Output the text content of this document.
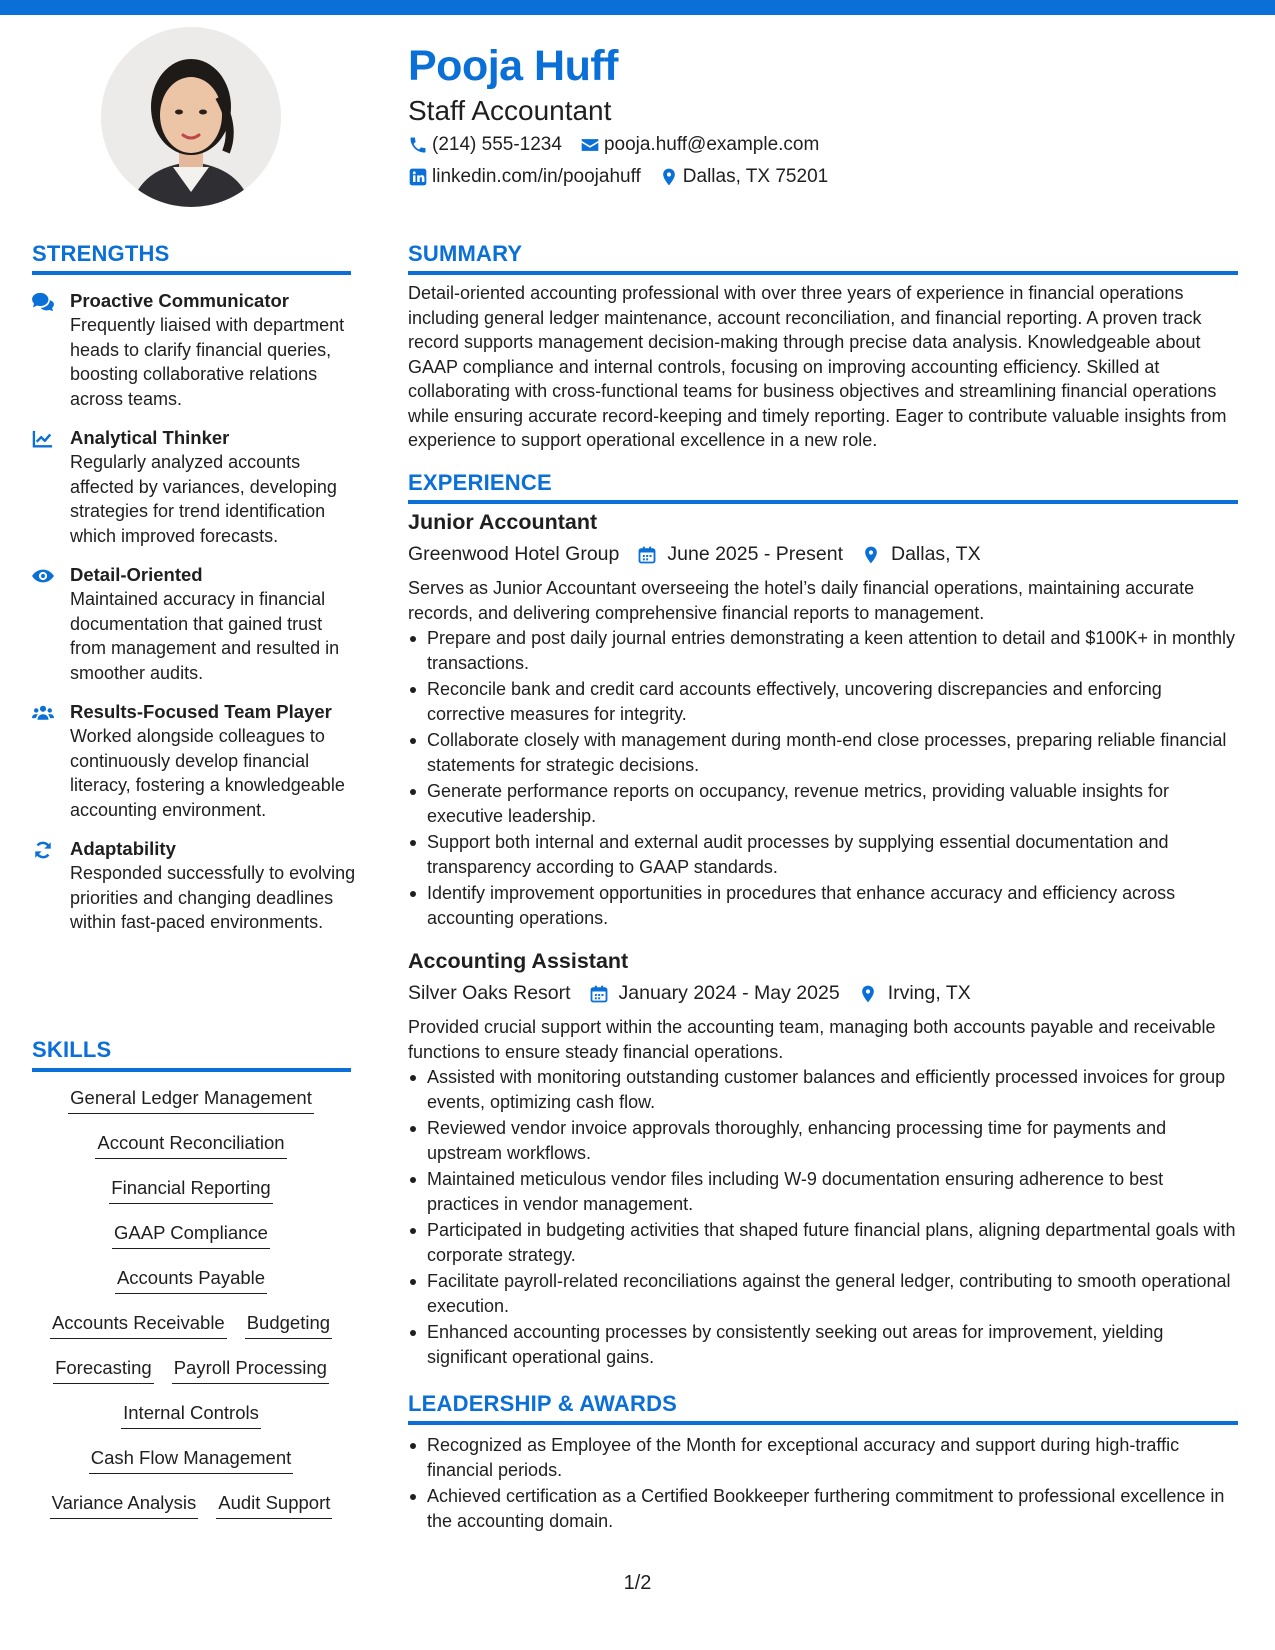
Pooja Huff
Staff Accountant
(214) 555-1234 pooja.huff@example.com
linkedin.com/in/poojahuff Dallas, TX 75201
STRENGTHS
Proactive Communicator
Frequently liaised with department heads to clarify financial queries, boosting collaborative relations across teams.
Analytical Thinker
Regularly analyzed accounts affected by variances, developing strategies for trend identification which improved forecasts.
Detail-Oriented
Maintained accuracy in financial documentation that gained trust from management and resulted in smoother audits.
Results-Focused Team Player
Worked alongside colleagues to continuously develop financial literacy, fostering a knowledgeable accounting environment.
Adaptability
Responded successfully to evolving priorities and changing deadlines within fast-paced environments.
SKILLS
General Ledger Management
Account Reconciliation
Financial Reporting
GAAP Compliance
Accounts Payable
Accounts Receivable Budgeting
Forecasting Payroll Processing
Internal Controls
Cash Flow Management
Variance Analysis Audit Support
SUMMARY
Detail-oriented accounting professional with over three years of experience in financial operations including general ledger maintenance, account reconciliation, and financial reporting. A proven track record supports management decision-making through precise data analysis. Knowledgeable about GAAP compliance and internal controls, focusing on improving accounting efficiency. Skilled at collaborating with cross-functional teams for business objectives and streamlining financial operations while ensuring accurate record-keeping and timely reporting. Eager to contribute valuable insights from experience to support operational excellence in a new role.
EXPERIENCE
Junior Accountant
Greenwood Hotel Group June 2025 - Present Dallas, TX
Serves as Junior Accountant overseeing the hotel’s daily financial operations, maintaining accurate records, and delivering comprehensive financial reports to management.
Prepare and post daily journal entries demonstrating a keen attention to detail and $100K+ in monthly transactions.
Reconcile bank and credit card accounts effectively, uncovering discrepancies and enforcing corrective measures for integrity.
Collaborate closely with management during month-end close processes, preparing reliable financial statements for strategic decisions.
Generate performance reports on occupancy, revenue metrics, providing valuable insights for executive leadership.
Support both internal and external audit processes by supplying essential documentation and transparency according to GAAP standards.
Identify improvement opportunities in procedures that enhance accuracy and efficiency across accounting operations.
Accounting Assistant
Silver Oaks Resort January 2024 - May 2025 Irving, TX
Provided crucial support within the accounting team, managing both accounts payable and receivable functions to ensure steady financial operations.
Assisted with monitoring outstanding customer balances and efficiently processed invoices for group events, optimizing cash flow.
Reviewed vendor invoice approvals thoroughly, enhancing processing time for payments and upstream workflows.
Maintained meticulous vendor files including W-9 documentation ensuring adherence to best practices in vendor management.
Participated in budgeting activities that shaped future financial plans, aligning departmental goals with corporate strategy.
Facilitate payroll-related reconciliations against the general ledger, contributing to smooth operational execution.
Enhanced accounting processes by consistently seeking out areas for improvement, yielding significant operational gains.
LEADERSHIP & AWARDS
Recognized as Employee of the Month for exceptional accuracy and support during high-traffic financial periods.
Achieved certification as a Certified Bookkeeper furthering commitment to professional excellence in the accounting domain.
1/2
